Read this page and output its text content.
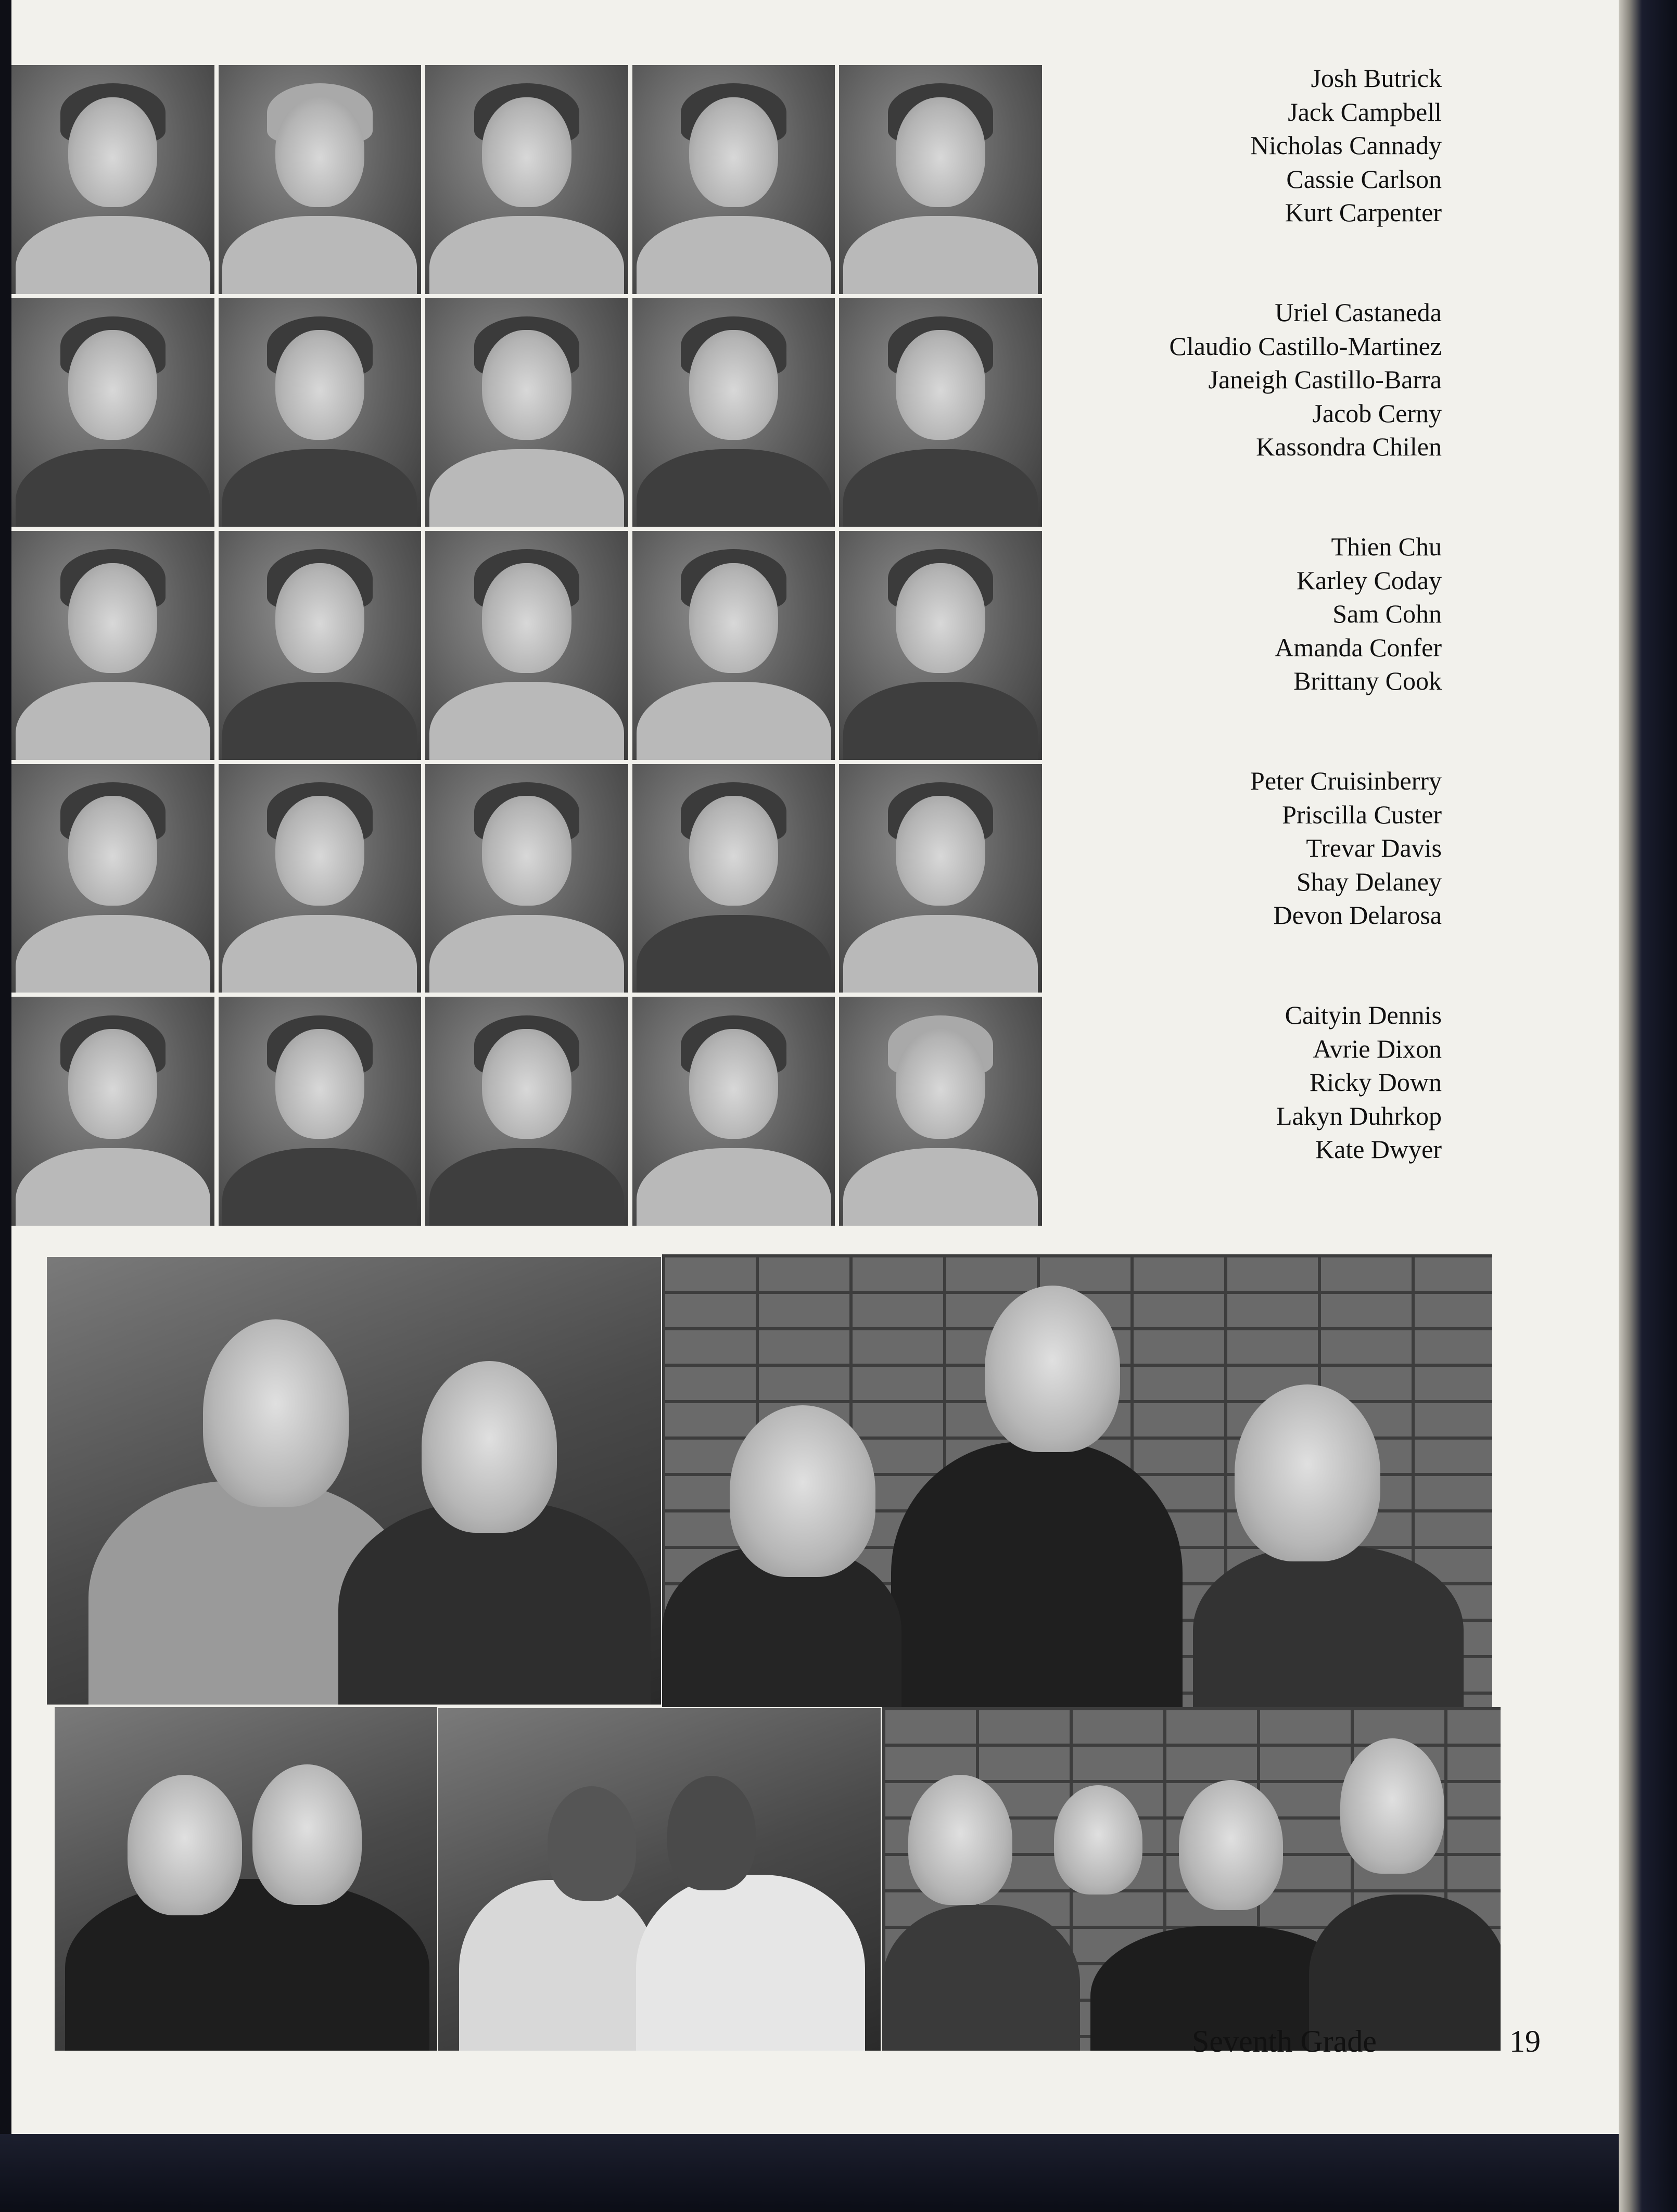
Josh Butrick
Jack Campbell
Nicholas Cannady
Cassie Carlson
Kurt Carpenter
Uriel Castaneda
Claudio Castillo-Martinez
Janeigh Castillo-Barra
Jacob Cerny
Kassondra Chilen
Thien Chu
Karley Coday
Sam Cohn
Amanda Confer
Brittany Cook
Peter Cruisinberry
Priscilla Custer
Trevar Davis
Shay Delaney
Devon Delarosa
Caityin Dennis
Avrie Dixon
Ricky Down
Lakyn Duhrkop
Kate Dwyer
Seventh Grade	19
